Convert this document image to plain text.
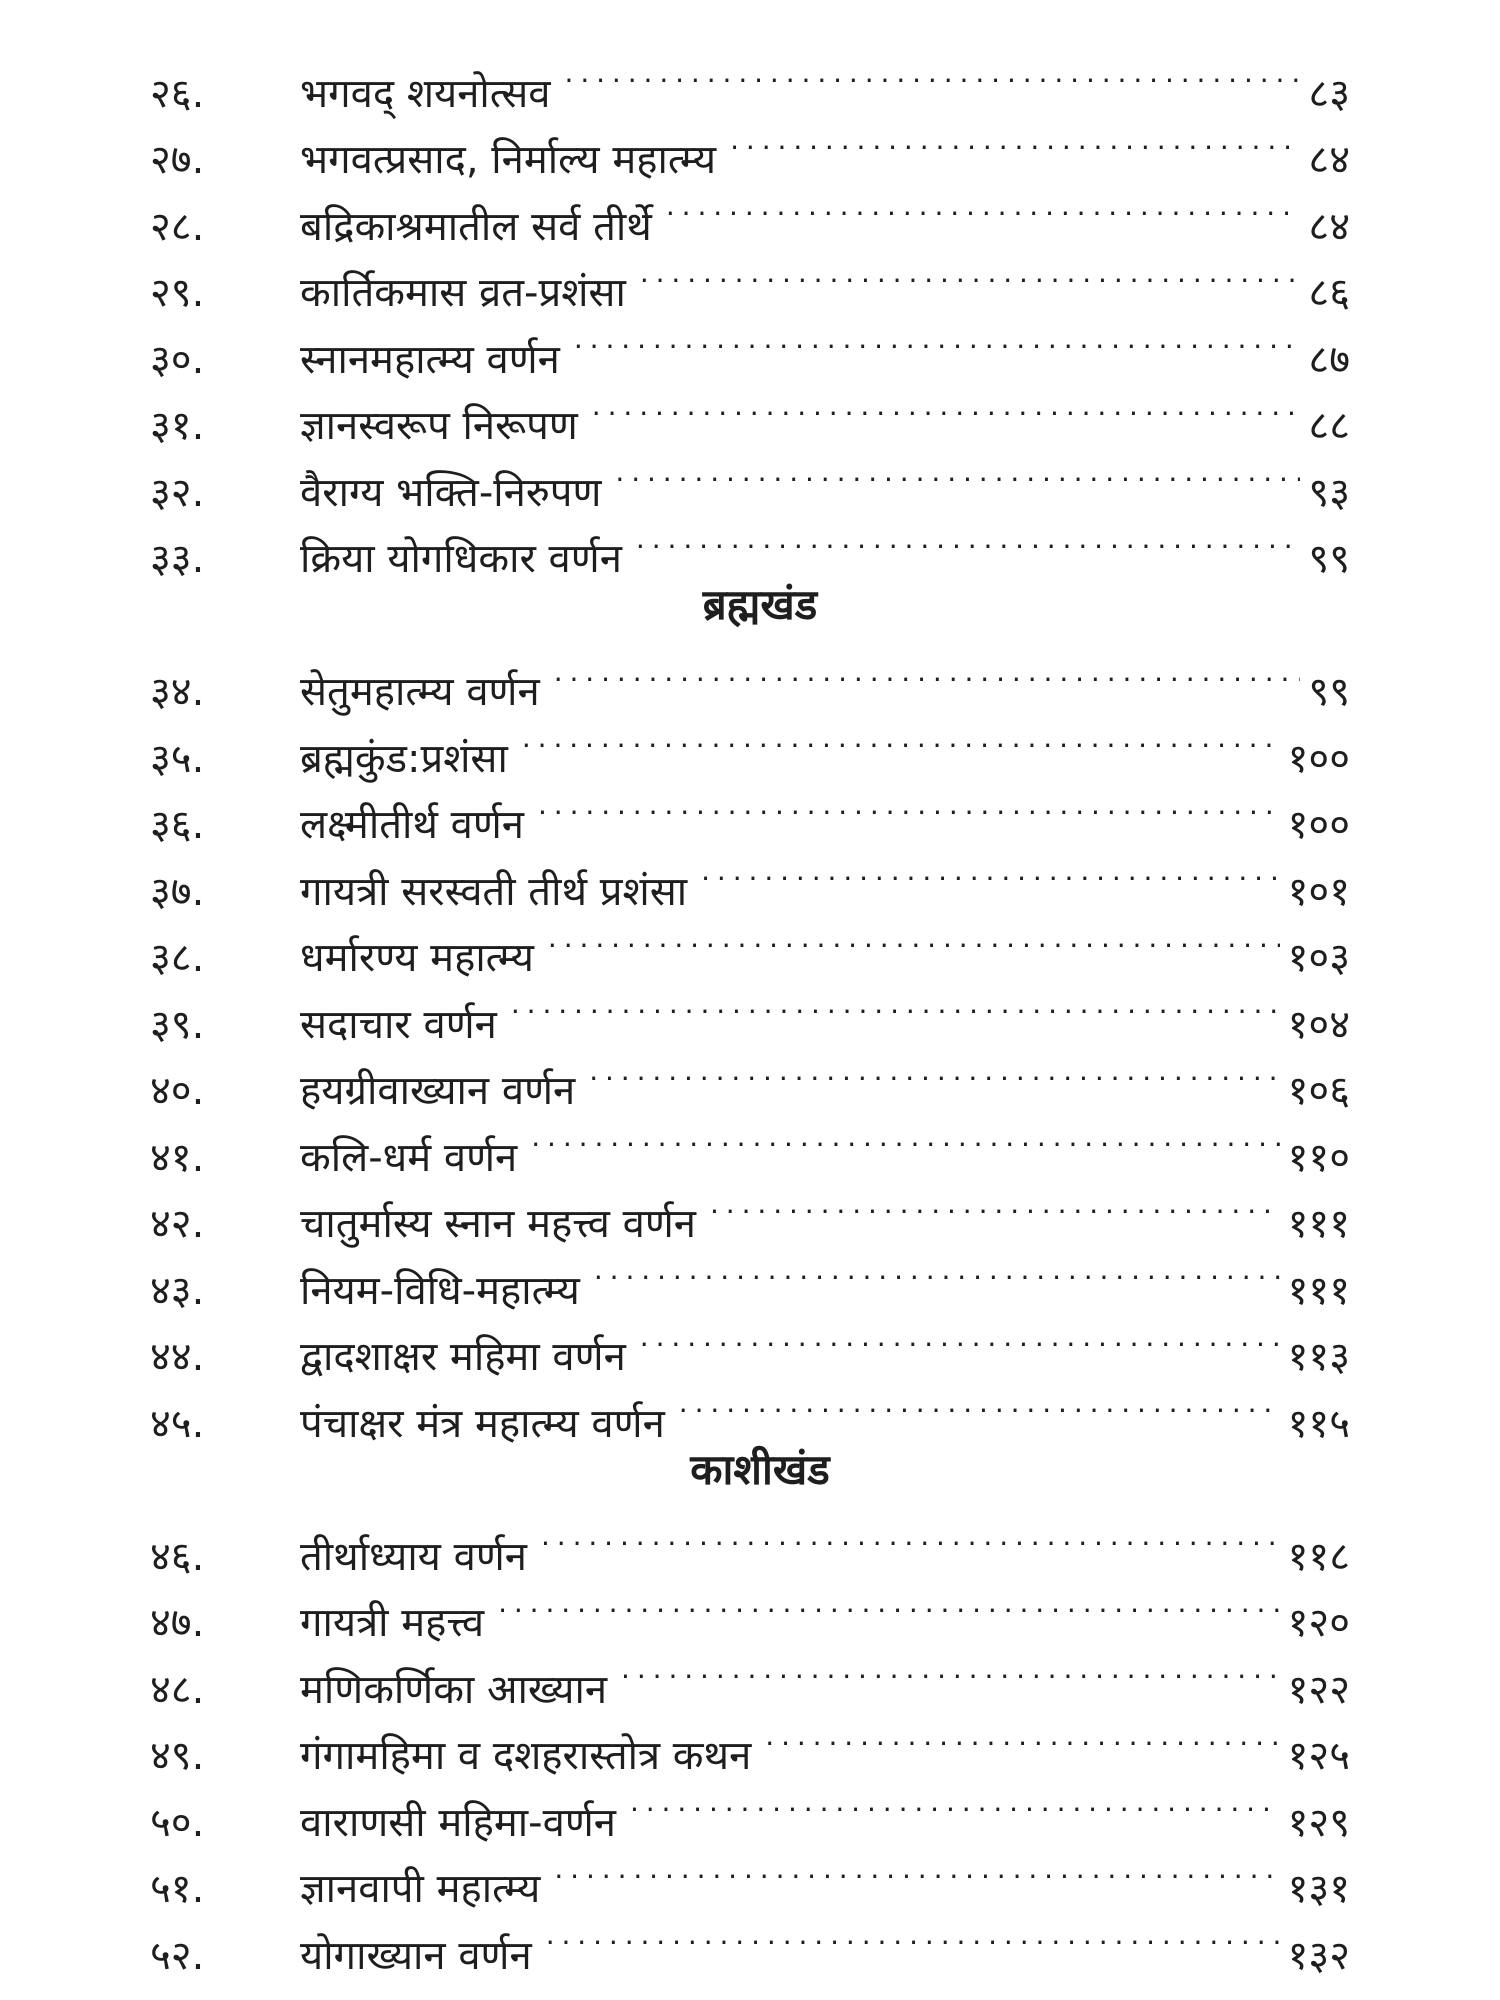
२६.	भगवद् शयनोत्सव . . .	८३
२७.	भगवत्प्रसाद, निर्माल्य महात्म्य . . .	८४
२८.	बद्रिकाश्रमातील सर्व तीर्थे . . .	८४
२९.	कार्तिकमास व्रत-प्रशंसा . . .	८६
३०.	स्नानमहात्म्य वर्णन . . .	८७
३१.	ज्ञानस्वरूप निरूपण . . .	८८
३२.	वैराग्य भक्ति-निरुपण . . .	९३
३३.	क्रिया योगधिकार वर्णन . . .	९९
ब्रह्मखंड
३४.	सेतुमहात्म्य वर्णन . . .	९९
३५.	ब्रह्मकुंड:प्रशंसा . . .	१००
३६.	लक्ष्मीतीर्थ वर्णन . . .	१००
३७.	गायत्री सरस्वती तीर्थ प्रशंसा . . .	१०१
३८.	धर्मारण्य महात्म्य . . .	१०३
३९.	सदाचार वर्णन . . .	१०४
४०.	हयग्रीवाख्यान वर्णन . . .	१०६
४१.	कलि-धर्म वर्णन . . .	११०
४२.	चातुर्मास्य स्नान महत्त्व वर्णन . . .	१११
४३.	नियम-विधि-महात्म्य . . .	१११
४४.	द्वादशाक्षर महिमा वर्णन . . .	११३
४५.	पंचाक्षर मंत्र महात्म्य वर्णन . . .	११५
काशीखंड
४६.	तीर्थाध्याय वर्णन . . .	११८
४७.	गायत्री महत्त्व . . .	१२०
४८.	मणिकर्णिका आख्यान . . .	१२२
४९.	गंगामहिमा व दशहरास्तोत्र कथन . . .	१२५
५०.	वाराणसी महिमा-वर्णन . . .	१२९
५१.	ज्ञानवापी महात्म्य . . .	१३१
५२.	योगाख्यान वर्णन . . .	१३२
